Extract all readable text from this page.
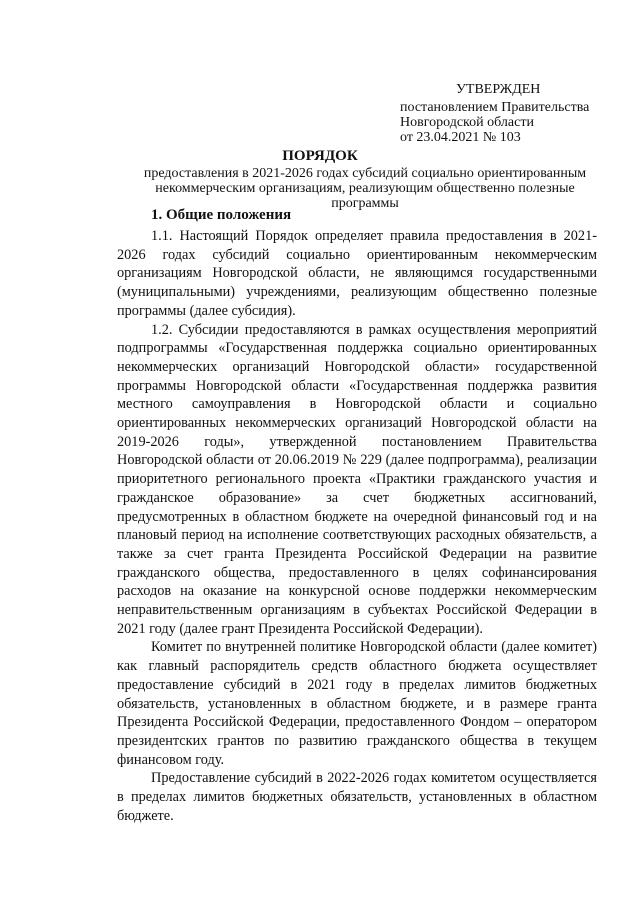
УТВЕРЖДЕН
постановлением Правительства
Новгородской области
от 23.04.2021 № 103
ПОРЯДОК
предоставления в 2021-2026 годах субсидий социально ориентированным некоммерческим организациям, реализующим общественно полезные программы
1. Общие положения

1.1. Настоящий Порядок определяет правила предоставления в 2021-2026 годах субсидий социально ориентированным некоммерческим организациям Новгородской области, не являющимся государственными (муниципальными) учреждениями, реализующим общественно полезные программы (далее субсидия).

1.2. Субсидии предоставляются в рамках осуществления мероприятий подпрограммы «Государственная поддержка социально ориентированных некоммерческих организаций Новгородской области» государственной программы Новгородской области «Государственная поддержка развития местного самоуправления в Новгородской области и социально ориентированных некоммерческих организаций Новгородской области на 2019-2026 годы», утвержденной постановлением Правительства Новгородской области от 20.06.2019 № 229 (далее подпрограмма), реализации приоритетного регионального проекта «Практики гражданского участия и гражданское образование» за счет бюджетных ассигнований, предусмотренных в областном бюджете на очередной финансовый год и на плановый период на исполнение соответствующих расходных обязательств, а также за счет гранта Президента Российской Федерации на развитие гражданского общества, предоставленного в целях софинансирования расходов на оказание на конкурсной основе поддержки некоммерческим неправительственным организациям в субъектах Российской Федерации в 2021 году (далее грант Президента Российской Федерации).

Комитет по внутренней политике Новгородской области (далее комитет) как главный распорядитель средств областного бюджета осуществляет предоставление субсидий в 2021 году в пределах лимитов бюджетных обязательств, установленных в областном бюджете, и в размере гранта Президента Российской Федерации, предоставленного Фондом – оператором президентских грантов по развитию гражданского общества в текущем финансовом году.

Предоставление субсидий в 2022-2026 годах комитетом осуществляется в пределах лимитов бюджетных обязательств, установленных в областном бюджете.
